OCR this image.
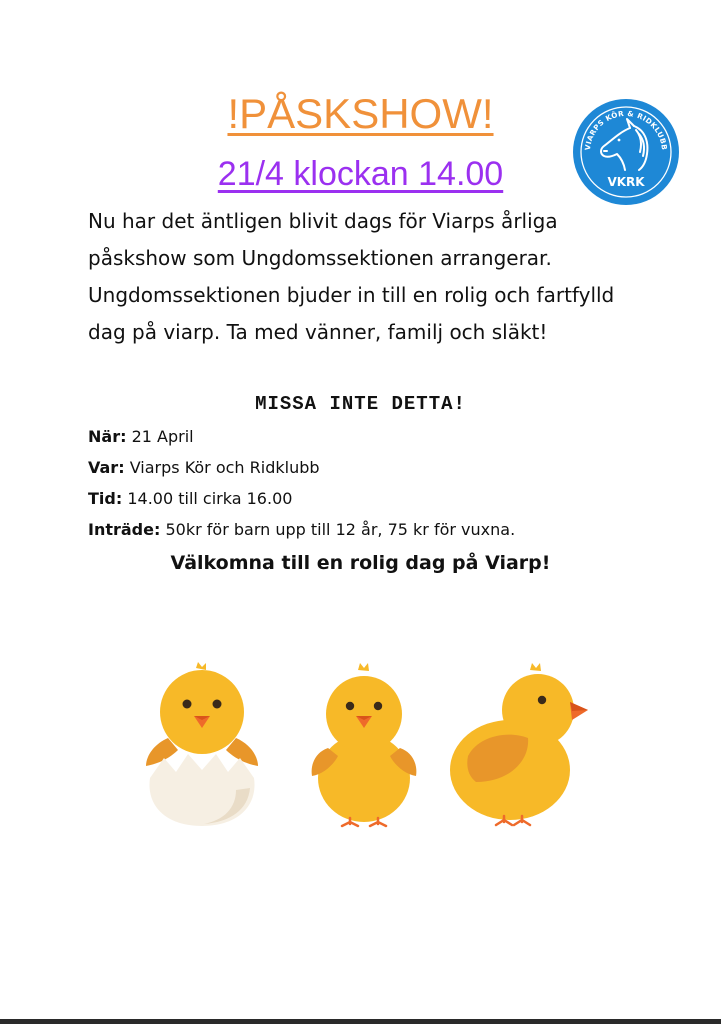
!PÅSKSHOW!
21/4 klockan 14.00
VIARPS KÖR & RIDKLUBB
VKRK

Nu har det äntligen blivit dags för Viarps årliga påskshow som Ungdomssektionen arrangerar. Ungdomssektionen bjuder in till en rolig och fartfylld dag på viarp. Ta med vänner, familj och släkt!

MISSA INTE DETTA!
När: 21 April
Var: Viarps Kör och Ridklubb
Tid: 14.00 till cirka 16.00
Inträde: 50kr för barn upp till 12 år, 75 kr för vuxna.
Välkomna till en rolig dag på Viarp!
